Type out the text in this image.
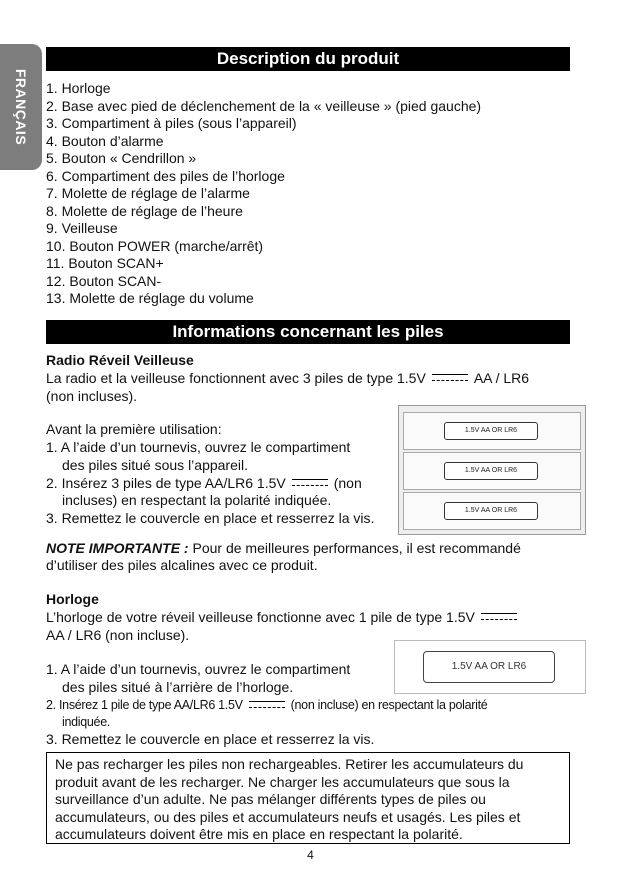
FRANÇAIS
Description du produit
1. Horloge
2. Base avec pied de déclenchement de la « veilleuse » (pied gauche)
3. Compartiment à piles (sous l’appareil)
4. Bouton d’alarme
5. Bouton « Cendrillon »
6. Compartiment des piles de l’horloge
7. Molette de réglage de l’alarme
8. Molette de réglage de l’heure
9. Veilleuse
10. Bouton POWER (marche/arrêt)
11. Bouton SCAN+
12. Bouton SCAN-
13. Molette de réglage du volume
Informations concernant les piles
Radio Réveil Veilleuse
La radio et la veilleuse fonctionnent avec 3 piles de type 1.5V	AA / LR6
(non incluses).
Avant la première utilisation:
1. A l’aide d’un tournevis, ouvrez le compartiment
des piles situé sous l’appareil.
2. Insérez 3 piles de type AA/LR6 1.5V	(non
incluses) en respectant la polarité indiquée.
3. Remettez le couvercle en place et resserrez la vis.
1.5V AA OR LR6
1.5V AA OR LR6
1.5V AA OR LR6
NOTE IMPORTANTE : Pour de meilleures performances, il est recommandé
d’utiliser des piles alcalines avec ce produit.
Horloge
L’horloge de votre réveil veilleuse fonctionne avec 1 pile de type 1.5V
AA / LR6 (non incluse).
1. A l’aide d’un tournevis, ouvrez le compartiment
des piles situé à l’arrière de l’horloge.
2. Insérez 1 pile de type AA/LR6 1.5V	(non incluse) en respectant la polarité
indiquée.
3. Remettez le couvercle en place et resserrez la vis.
1.5V AA OR LR6

Ne pas recharger les piles non rechargeables. Retirer les accumulateurs du

produit avant de les recharger. Ne charger les accumulateurs que sous la

surveillance d’un adulte. Ne pas mélanger différents types de piles ou

accumulateurs, ou des piles et accumulateurs neufs et usagés. Les piles et

accumulateurs doivent être mis en place en respectant la polarité.

4
